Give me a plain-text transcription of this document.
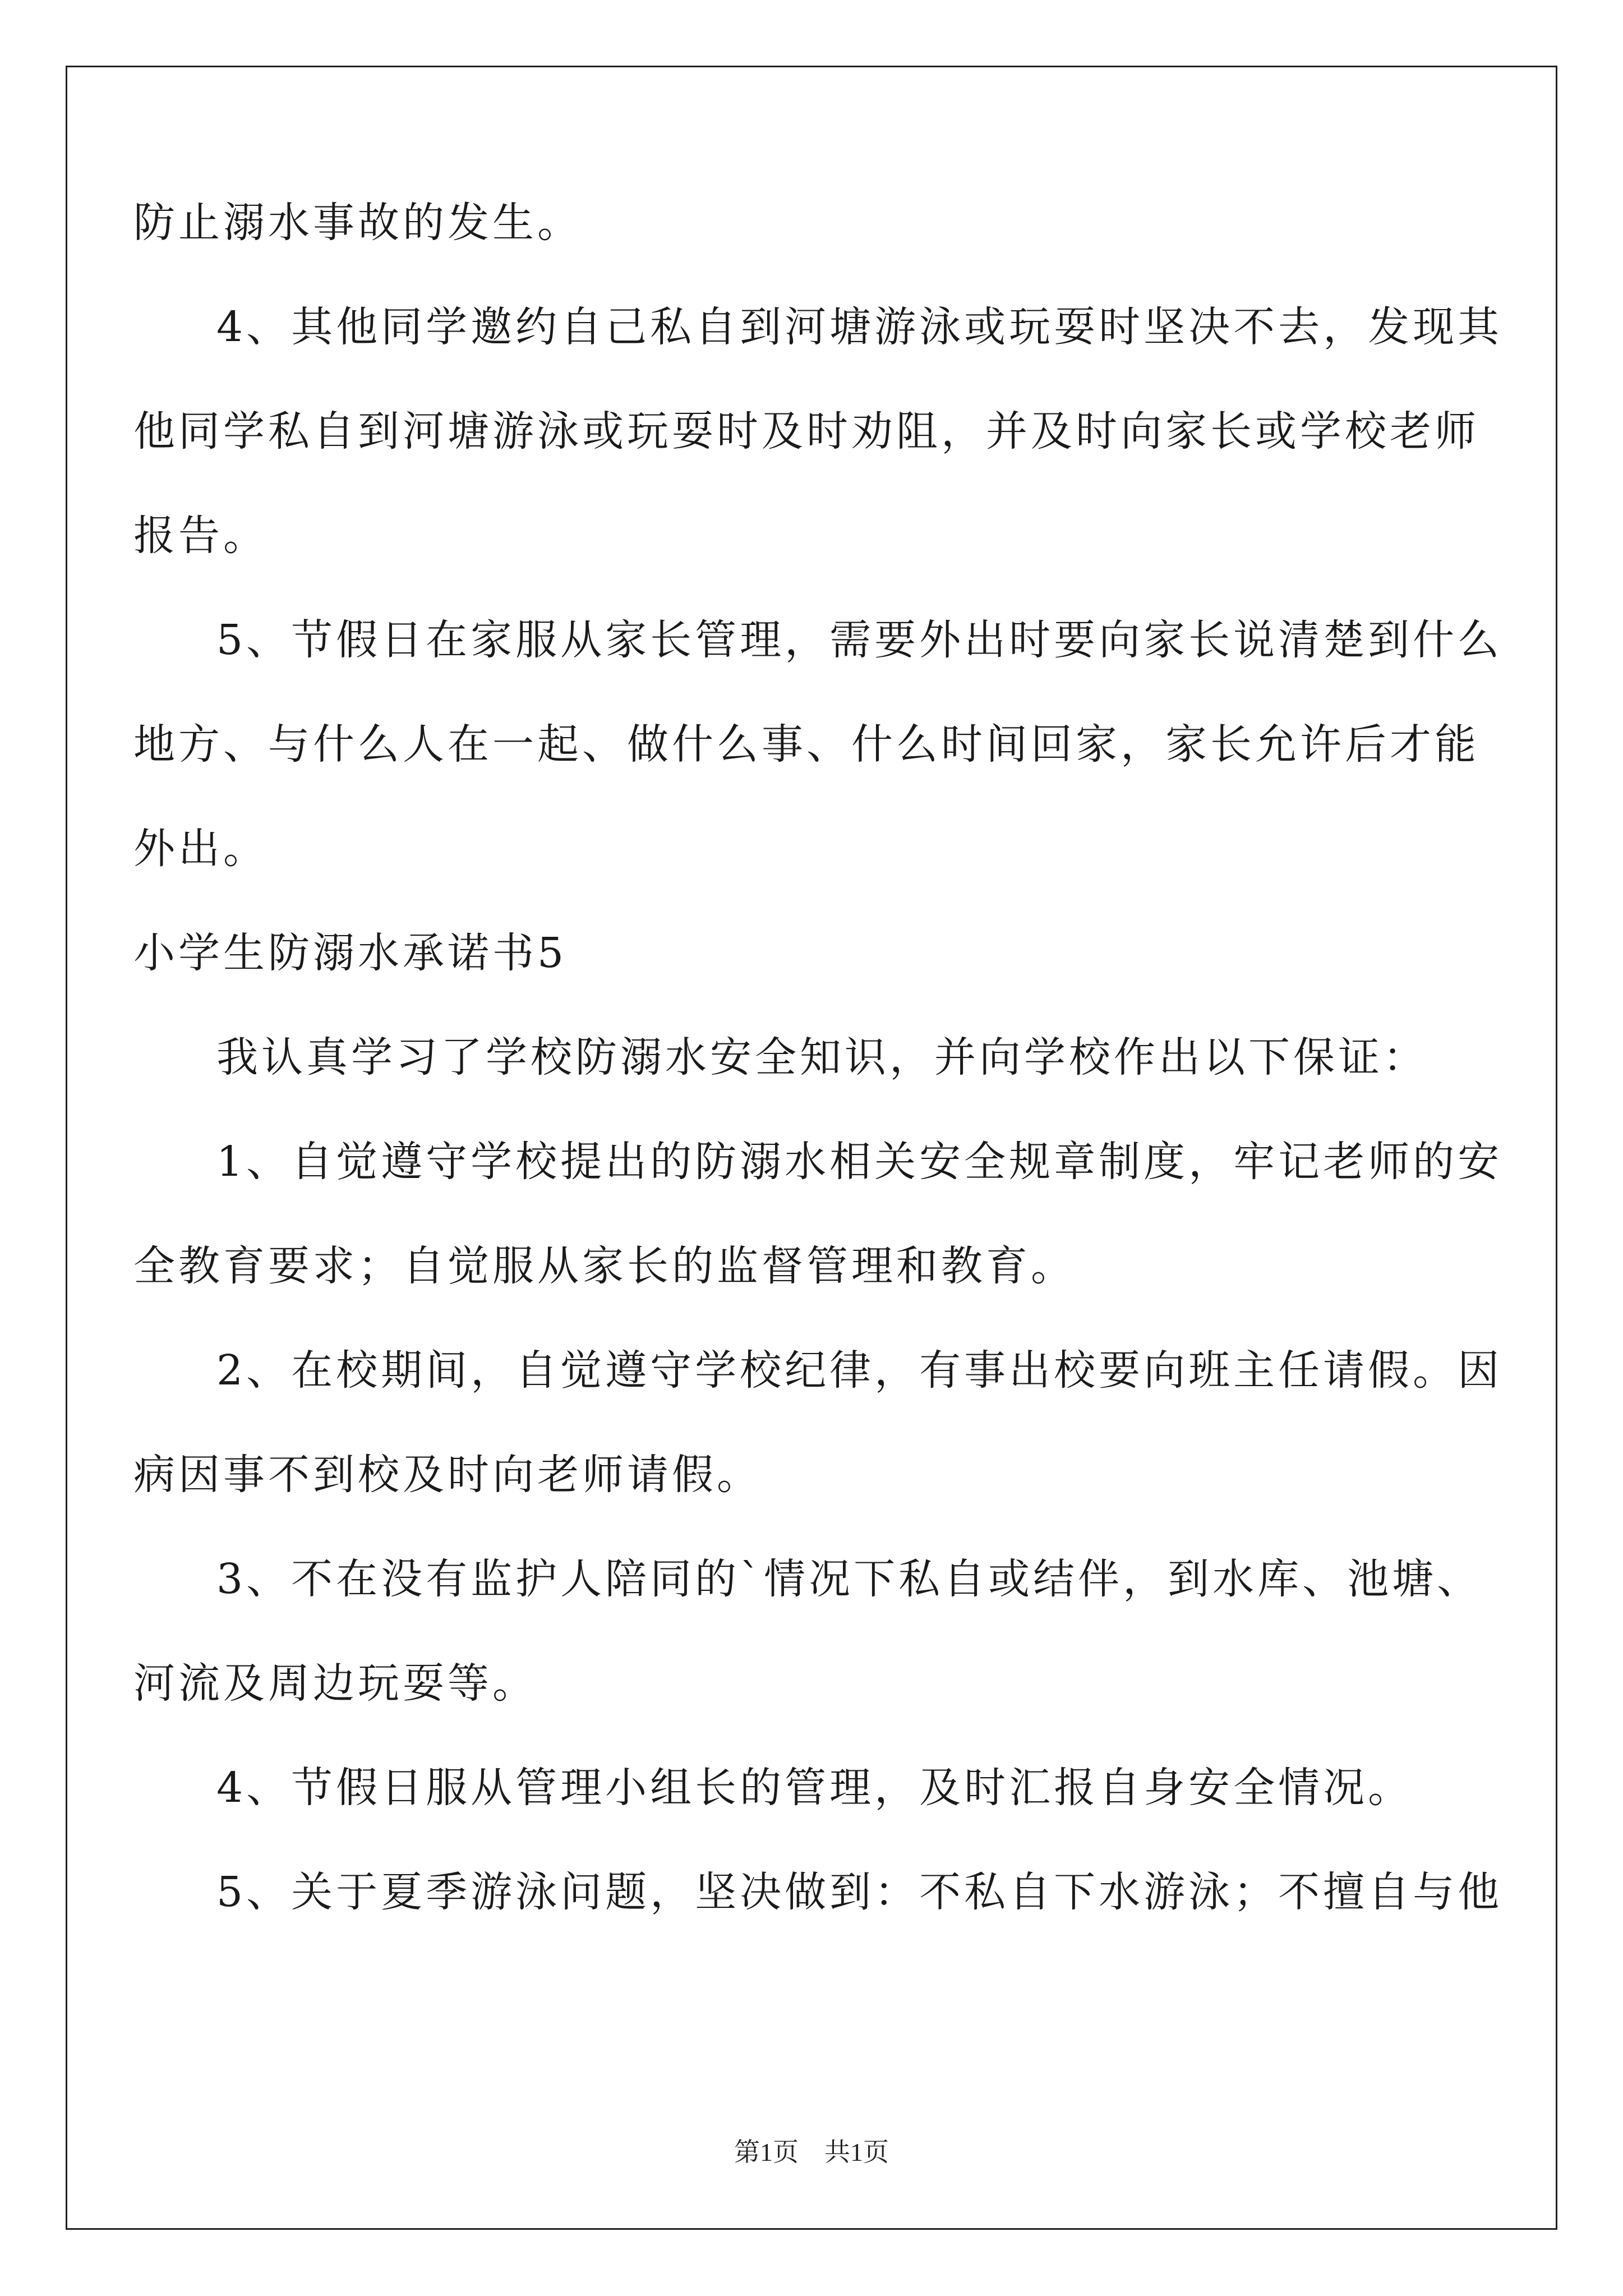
防止溺水事故的发生。
4、其他同学邀约自己私自到河塘游泳或玩耍时坚决不去，发现其
他同学私自到河塘游泳或玩耍时及时劝阻，并及时向家长或学校老师
报告。
5、节假日在家服从家长管理，需要外出时要向家长说清楚到什么
地方、与什么人在一起、做什么事、什么时间回家，家长允许后才能
外出。
小学生防溺水承诺书5
我认真学习了学校防溺水安全知识，并向学校作出以下保证：
1、自觉遵守学校提出的防溺水相关安全规章制度，牢记老师的安
全教育要求；自觉服从家长的监督管理和教育。
2、在校期间，自觉遵守学校纪律，有事出校要向班主任请假。因
病因事不到校及时向老师请假。
3、不在没有监护人陪同的`情况下私自或结伴，到水库、池塘、
河流及周边玩耍等。
4、节假日服从管理小组长的管理，及时汇报自身安全情况。
5、关于夏季游泳问题，坚决做到：不私自下水游泳；不擅自与他
第1页　共1页
